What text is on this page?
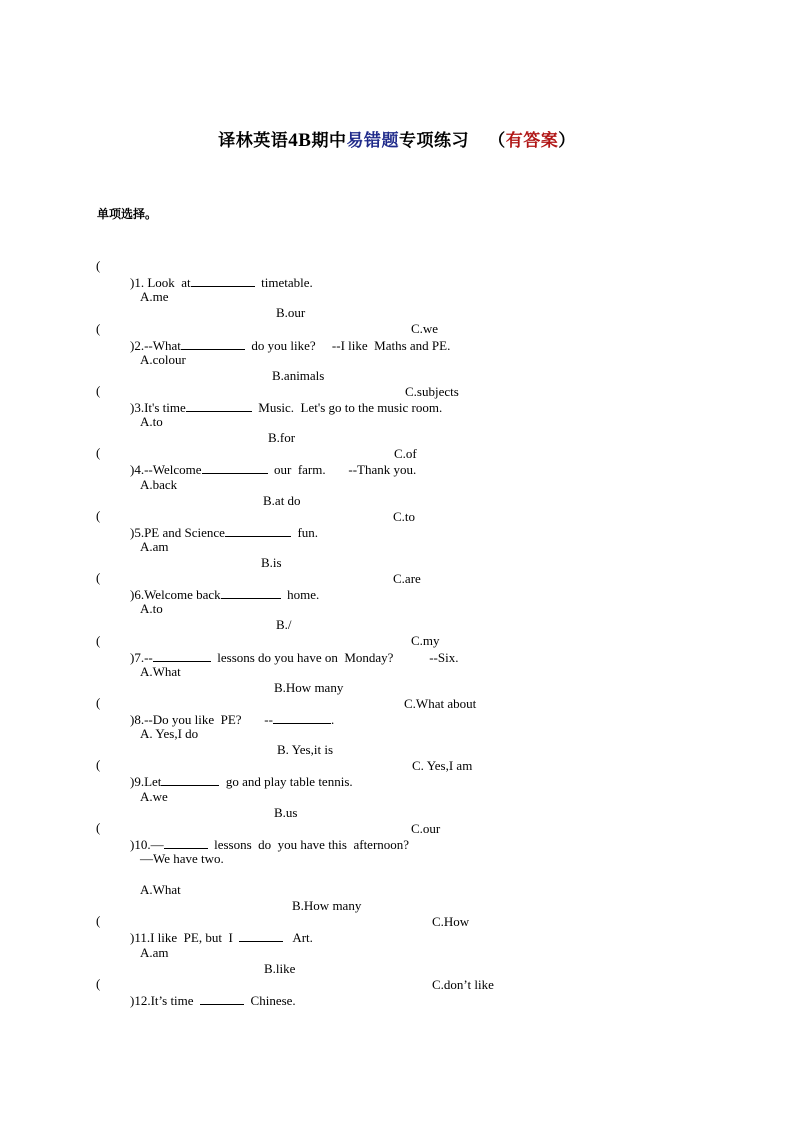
译林英语4B期中易错题专项练习 （有答案）
单项选择。

(

)1. Look  at	timetable.

A.me

B.our

C.we

(

)2.--What	do you like?     --I like  Maths and PE.

A.colour

B.animals

C.subjects

(

)3.It's time	Music.  Let's go to the music room.

A.to

B.for

C.of

(

)4.--Welcome	our  farm.       --Thank you.

A.back

B.at do

C.to

(

)5.PE and Science	fun.

A.am

B.is

C.are

(

)6.Welcome back	home.

A.to

B./

C.my

(

)7.--	lessons do you have on  Monday?           --Six.

A.What

B.How many

C.What about

(

)8.--Do you like  PE?       --	.

A. Yes,I do

B. Yes,it is

C. Yes,I am

(

)9.Let	go and play table tennis.

A.we

B.us

C.our

(

)10.—	lessons  do  you have this  afternoon?

—We have two.

A.What

B.How many

C.How

(

)11.I like  PE, but  I	Art.

A.am

B.like

C.don’t like

(

)12.It’s time	Chinese.
